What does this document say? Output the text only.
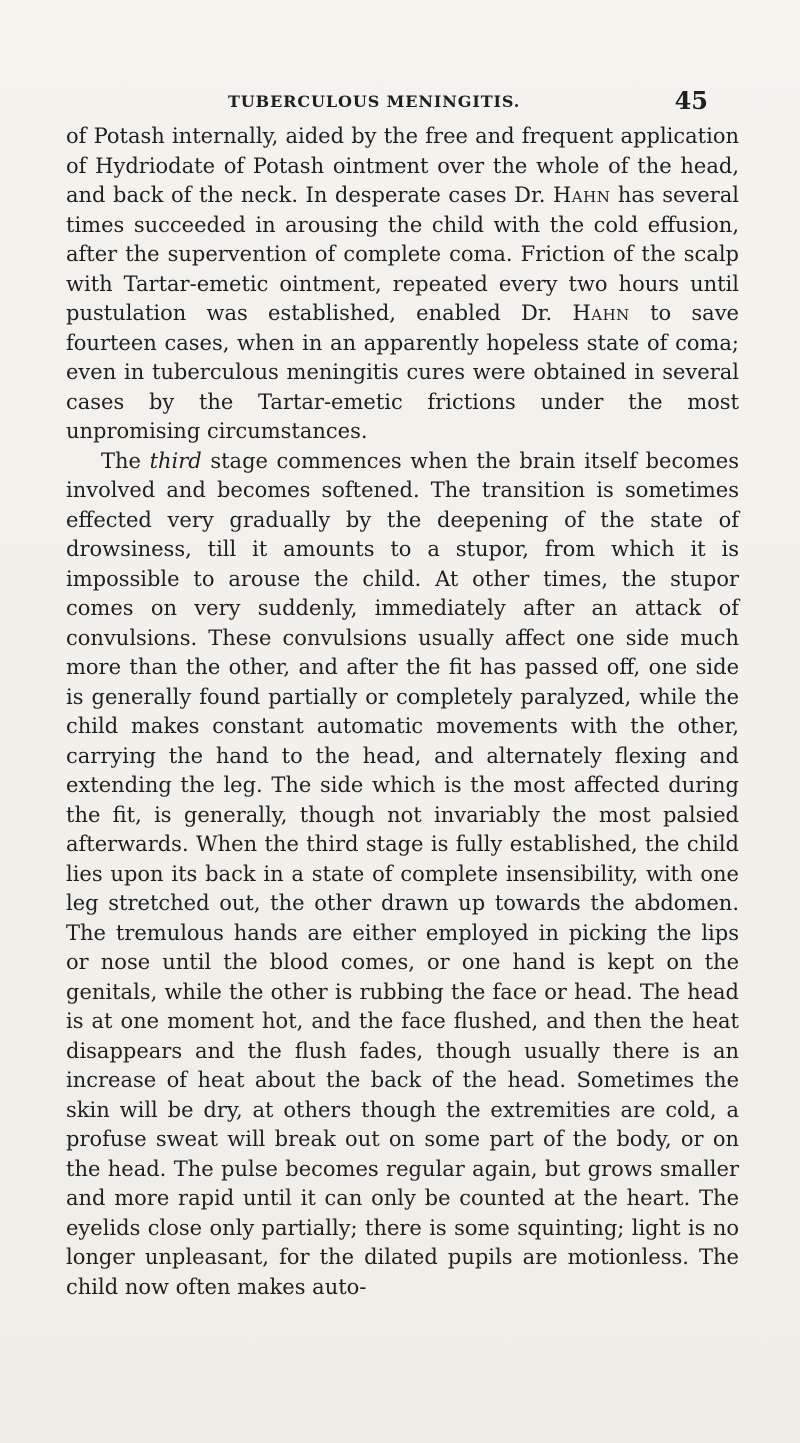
TUBERCULOUS MENINGITIS.	45

of Potash internally, aided by the free and frequent application of Hydriodate of Potash ointment over the whole of the head, and back of the neck. In desperate cases Dr. Hahn has several times succeeded in arousing the child with the cold effusion, after the supervention of complete coma. Friction of the scalp with Tartar-emetic ointment, repeated every two hours until pustulation was established, enabled Dr. Hahn to save fourteen cases, when in an apparently hopeless state of coma; even in tuberculous meningitis cures were obtained in several cases by the Tartar-emetic frictions under the most unpromising circumstances.

The third stage commences when the brain itself becomes involved and becomes softened. The transition is sometimes effected very gradually by the deepening of the state of drowsiness, till it amounts to a stupor, from which it is impossible to arouse the child. At other times, the stupor comes on very suddenly, immediately after an attack of convulsions. These convulsions usually affect one side much more than the other, and after the fit has passed off, one side is generally found partially or completely paralyzed, while the child makes constant automatic movements with the other, carrying the hand to the head, and alternately flexing and extending the leg. The side which is the most affected during the fit, is generally, though not invariably the most palsied afterwards. When the third stage is fully established, the child lies upon its back in a state of complete insensibility, with one leg stretched out, the other drawn up towards the abdomen. The tremulous hands are either employed in picking the lips or nose until the blood comes, or one hand is kept on the genitals, while the other is rubbing the face or head. The head is at one moment hot, and the face flushed, and then the heat disappears and the flush fades, though usually there is an increase of heat about the back of the head. Sometimes the skin will be dry, at others though the extremities are cold, a profuse sweat will break out on some part of the body, or on the head. The pulse becomes regular again, but grows smaller and more rapid until it can only be counted at the heart. The eyelids close only partially; there is some squinting; light is no longer unpleasant, for the dilated pupils are motionless. The child now often makes auto-
